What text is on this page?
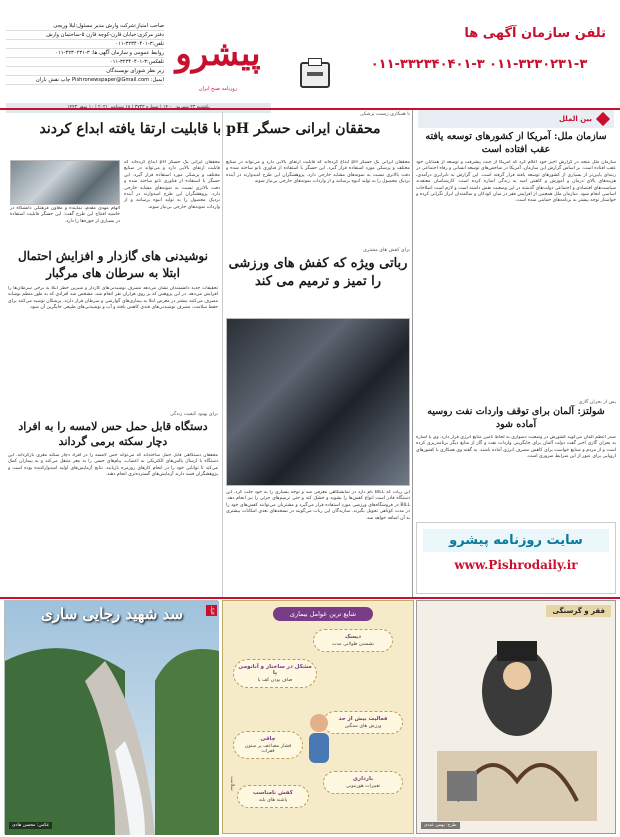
صاحب امتیاز:شرکت وارش مدیر مسئول:لیلا وریجی
دفتر مرکزی:خیابان قارن-کوچه قارن ۵-ساختمان وارش
تلفن:۳-۳۲۳۴۰۴۰۱-۰۱۱
روابط عمومی و سازمان آگهی ها: ۳-۳۲۳۰۲۳۱-۰۱۱
تلفکس:۳-۳۲۳۴۰۴۰۱-۰۱۱
زیر نظر شورای نویسندگان
ایمیل: Pishronewspaper@Gmail.com چاپ نقش باران
پیشرو
روزنامه صبح ایران
تلفن سازمان آگهی ها
۰۱۱-۳۳۲۳۴۰۴۰۱-۳ ۰۱۱-۳۲۳۰۲۳۱-۳
بین الملل
سازمان ملل: آمریکا از کشورهای توسعه یافته عقب افتاده است
سازمان ملل متحد در گزارش اخیر خود اعلام کرد که آمریکا از حیث پیشرفت و توسعه از همتایان خود عقب افتاده است. بر اساس گزارش این سازمان، آمریکا در شاخص‌های توسعه انسانی و رفاه اجتماعی در رتبه‌ای پایین‌تر از بسیاری از کشورهای توسعه یافته قرار گرفته است. این گزارش به نابرابری درآمدی، هزینه‌های بالای درمان و آموزش و کاهش امید به زندگی اشاره کرده است. کارشناسان معتقدند سیاست‌های اقتصادی و اجتماعی دولت‌های گذشته در این وضعیت نقش داشته است و لازم است اصلاحات اساسی انجام شود. سازمان ملل همچنین از افزایش فقر در میان کودکان و سالمندان ابراز نگرانی کرده و خواستار توجه بیشتر به برنامه‌های حمایتی شده است.
پس از بحران گازی
شولتز: آلمان برای توقف واردات نفت روسیه آماده شود
صدر اعظم آلمان می‌گوید کشورش در وضعیت دشواری به لحاظ تامین منابع انرژی قرار دارد. وی با اشاره به بحران گازی اخیر گفت دولت آلمان برای جایگزینی واردات نفت و گاز از منابع دیگر برنامه‌ریزی کرده است و از مردم و صنایع خواست برای کاهش مصرف انرژی آماده باشند. به گفته وی همکاری با کشورهای اروپایی برای عبور از این شرایط ضروری است.
سایت روزنامه پیشرو
www.Pishrodaily.ir
با همکاری زیست پزشکی
محققان ایرانی حسگر pH با قابلیت ارتقا یافته ابداع کردند
محققان ایرانی یک حسگر pH ابداع کرده‌اند که قابلیت ارتقای بالایی دارد و می‌تواند در صنایع مختلف و پزشکی مورد استفاده قرار گیرد. این حسگر با استفاده از فناوری نانو ساخته شده و دقت بالاتری نسبت به نمونه‌های مشابه خارجی دارد. پژوهشگران این طرح امیدوارند در آینده نزدیک محصول را به تولید انبوه برسانند و از واردات نمونه‌های خارجی بی‌نیاز شوند.
الهام مهدی مقدم، نماینده و معاون فرهنگی دانشگاه در حاشیه افتتاح این طرح گفت: این حسگر قابلیت استفاده در بسیاری از حوزه‌ها را دارد.
محققان ایرانی یک حسگر pH ابداع کرده‌اند که قابلیت ارتقای بالایی دارد و می‌تواند در صنایع مختلف و پزشکی مورد استفاده قرار گیرد. این حسگر با استفاده از فناوری نانو ساخته شده و دقت بالاتری نسبت به نمونه‌های مشابه خارجی دارد. پژوهشگران این طرح امیدوارند در آینده نزدیک محصول را به تولید انبوه برسانند و از واردات نمونه‌های خارجی بی‌نیاز شوند.
برای کفش های مشتری
رباتی ویژه که کفش های ورزشی را تمیز و ترمیم می کند
این ربات که BILL نام دارد در نمایشگاهی معرفی شد و توجه بسیاری را به خود جلب کرد. این دستگاه قادر است انواع کفش‌ها را بشوید و خشک کند و حتی ترمیم‌های جزئی را نیز انجام دهد. BILL در فروشگاه‌های ورزشی مورد استفاده قرار می‌گیرد و مشتریان می‌توانند کفش‌های خود را در مدت کوتاهی تحویل بگیرند. سازندگان این ربات می‌گویند در نسخه‌های بعدی امکانات بیشتری به آن اضافه خواهد شد.
نوشیدنی های گازدار و افزایش احتمال ابتلا به سرطان های مرگبار
تحقیقات جدید دانشمندان نشان می‌دهد مصرف نوشیدنی‌های گازدار و شیرین خطر ابتلا به برخی سرطان‌ها را افزایش می‌دهد. در این پژوهش که بر روی هزاران نفر انجام شد، مشخص شد افرادی که به طور منظم نوشابه مصرف می‌کنند بیشتر در معرض ابتلا به بیماری‌های گوارشی و سرطان قرار دارند. پزشکان توصیه می‌کنند برای حفظ سلامت، مصرف نوشیدنی‌های قندی کاهش یافته و آب و نوشیدنی‌های طبیعی جایگزین آن شود.
برای بهبود کیفیت زندگی
دستگاه قابل حمل حس لامسه را به افراد دچار سکته برمی گرداند
محققان دستگاهی قابل حمل ساخته‌اند که می‌تواند حس لامسه را در افراد دچار سکته مغزی بازگرداند. این دستگاه با ارسال پالس‌های الکتریکی به اعصاب، پیام‌های حسی را به مغز منتقل می‌کند و به بیماران کمک می‌کند تا توانایی خود را در انجام کارهای روزمره بازیابند. نتایج آزمایش‌های اولیه امیدوارکننده بوده است و پژوهشگران قصد دارند آزمایش‌های گسترده‌تری انجام دهند.
فقر و گرسنگی
طرح: بهمن عبدی
شایع ترین عوامل بیماری
دیسک
نشستن طولانی مدت
مشکل در ساختار و آناتومی پا
صاف بودن کف پا
فعالیت بیش از حد
ورزش های سنگین
چاقی
فشار مضاعف بر ستون فقرات
بارداری
تغییرات هورمونی
کفش نامناسب
پاشنه های بلند
سلامت
سد شهید رجایی ساری
عکس: محسن هادی
کلیک
